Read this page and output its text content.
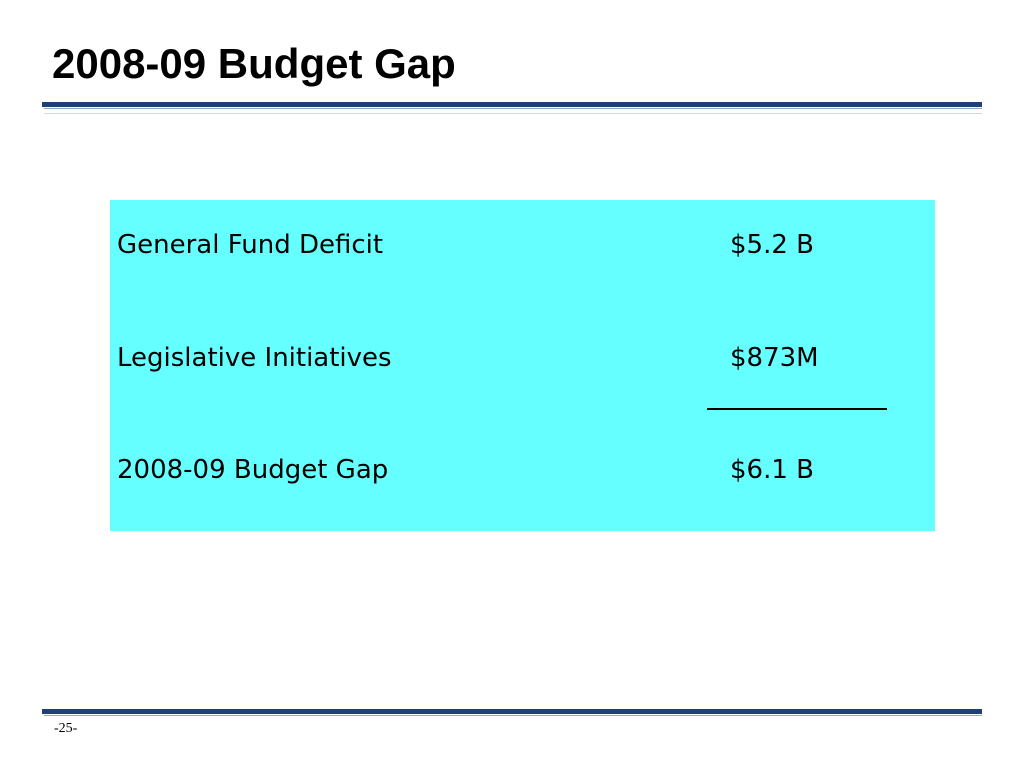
2008-09 Budget Gap
General Fund Deficit	$5.2 B
Legislative Initiatives	$873M
2008-09 Budget Gap	$6.1 B
-25-
